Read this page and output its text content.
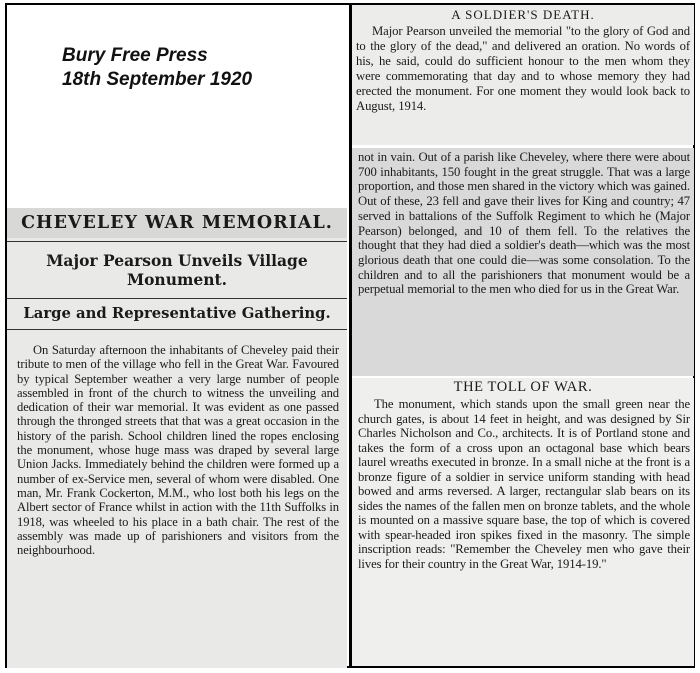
Bury Free Press
18th September 1920

CHEVELEY WAR MEMORIAL.

Major Pearson Unveils Village Monument.

Large and Representative Gathering.

On Saturday afternoon the inhabitants of Cheveley paid their tribute to men of the village who fell in the Great War. Favoured by typical September weather a very large number of people assembled in front of the church to witness the unveiling and dedication of their war memorial. It was evident as one passed through the thronged streets that that was a great occasion in the history of the parish. School children lined the ropes enclosing the monument, whose huge mass was draped by several large Union Jacks. Immediately behind the children were formed up a number of ex-Service men, several of whom were disabled. One man, Mr. Frank Cockerton, M.M., who lost both his legs on the Albert sector of France whilst in action with the 11th Suffolks in 1918, was wheeled to his place in a bath chair. The rest of the assembly was made up of parishioners and visitors from the neighbourhood.

A SOLDIER'S DEATH.

Major Pearson unveiled the memorial "to the glory of God and to the glory of the dead," and delivered an oration. No words of his, he said, could do sufficient honour to the men whom they were commemorating that day and to whose memory they had erected the monument. For one moment they would look back to August, 1914.

not in vain. Out of a parish like Cheveley, where there were about 700 inhabitants, 150 fought in the great struggle. That was a large proportion, and those men shared in the victory which was gained. Out of these, 23 fell and gave their lives for King and country; 47 served in battalions of the Suffolk Regiment to which he (Major Pearson) belonged, and 10 of them fell. To the relatives the thought that they had died a soldier's death—which was the most glorious death that one could die—was some consolation. To the children and to all the parishioners that monument would be a perpetual memorial to the men who died for us in the Great War.

THE TOLL OF WAR.

The monument, which stands upon the small green near the church gates, is about 14 feet in height, and was designed by Sir Charles Nicholson and Co., architects. It is of Portland stone and takes the form of a cross upon an octagonal base which bears laurel wreaths executed in bronze. In a small niche at the front is a bronze figure of a soldier in service uniform standing with head bowed and arms reversed. A larger, rectangular slab bears on its sides the names of the fallen men on bronze tablets, and the whole is mounted on a massive square base, the top of which is covered with spear-headed iron spikes fixed in the masonry. The simple inscription reads: "Remember the Cheveley men who gave their lives for their country in the Great War, 1914-19."
